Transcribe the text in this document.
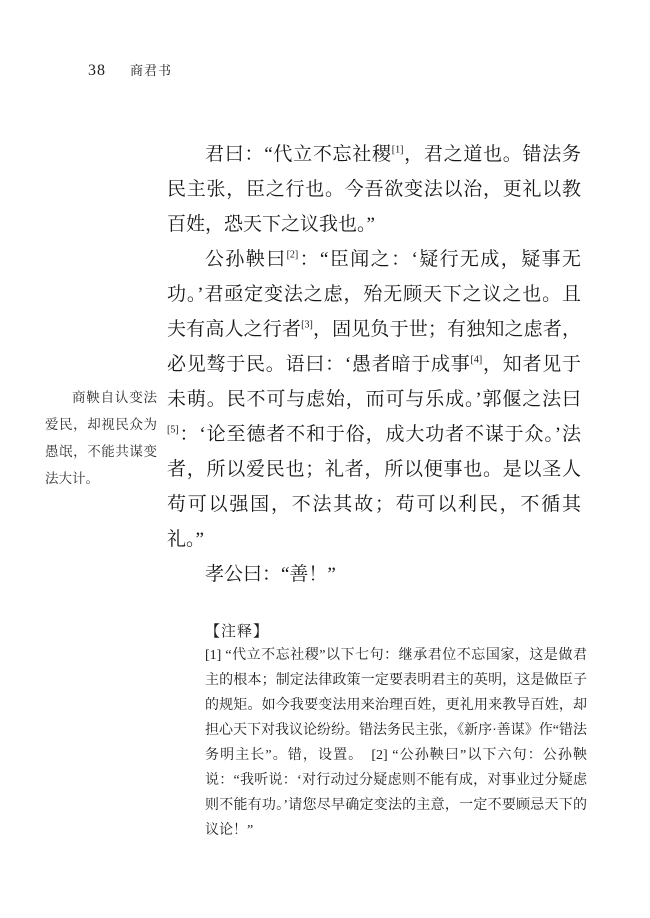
38 商君书
商鞅自认变法爱民，却视民众为愚氓，不能共谋变法大计。

君曰：“代立不忘社稷[1]，君之道也。错法务民主张，臣之行也。今吾欲变法以治，更礼以教百姓，恐天下之议我也。”

公孙鞅曰[2]：“臣闻之：‘疑行无成，疑事无功。’君亟定变法之虑，殆无顾天下之议之也。且夫有高人之行者[3]，固见负于世；有独知之虑者，必见骜于民。语曰：‘愚者暗于成事[4]，知者见于未萌。民不可与虑始，而可与乐成。’郭偃之法曰[5]：‘论至德者不和于俗，成大功者不谋于众。’法者，所以爱民也；礼者，所以便事也。是以圣人苟可以强国，不法其故；苟可以利民，不循其礼。”

孝公曰：“善！”

【注释】

[1] “代立不忘社稷”以下七句：继承君位不忘国家，这是做君主的根本；制定法律政策一定要表明君主的英明，这是做臣子的规矩。如今我要变法用来治理百姓，更礼用来教导百姓，却担心天下对我议论纷纷。错法务民主张，《新序·善谋》作“错法务明主长”。错，设置。　[2] “公孙鞅曰”以下六句：公孙鞅说：“我听说：‘对行动过分疑虑则不能有成，对事业过分疑虑则不能有功。’请您尽早确定变法的主意，一定不要顾忌天下的议论！”
